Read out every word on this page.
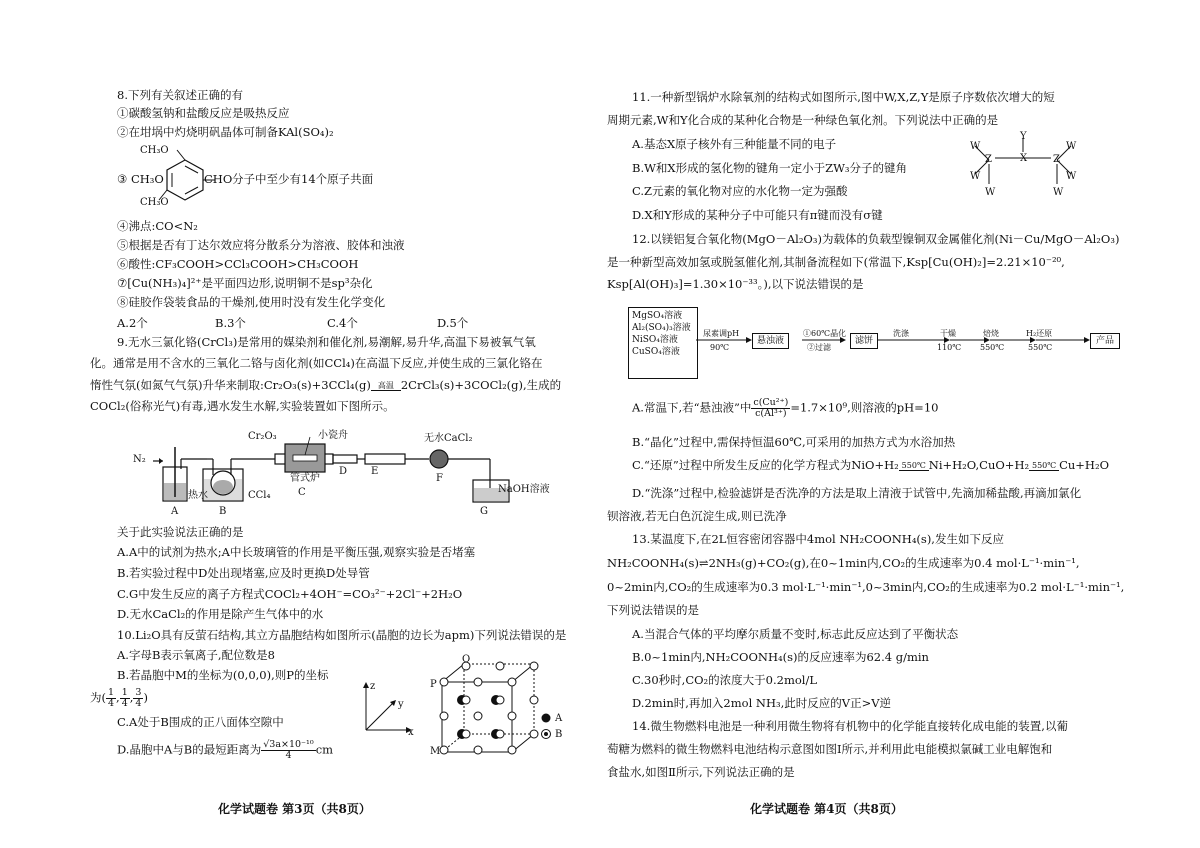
8.下列有关叙述正确的有
①碳酸氢钠和盐酸反应是吸热反应
②在坩埚中灼烧明矾晶体可制备KAl(SO₄)₂
CH₃O
③ CH₃O	CHO 分子中至少有14个原子共面
CH₃O
④沸点:CO<N₂
⑤根据是否有丁达尔效应将分散系分为溶液、胶体和浊液
⑥酸性:CF₃COOH>CCl₃COOH>CH₃COOH
⑦[Cu(NH₃)₄]²⁺是平面四边形,说明铜不是sp³杂化
⑧硅胶作袋装食品的干燥剂,使用时没有发生化学变化
A.2个	B.3个	C.4个	D.5个
9.无水三氯化铬(CrCl₃)是常用的媒染剂和催化剂,易潮解,易升华,高温下易被氧气氧
化。通常是用不含水的三氧化二铬与卤化剂(如CCl₄)在高温下反应,并使生成的三氯化铬在
惰性气氛(如氮气气氛)升华来制取:Cr₂O₃(s)+3CCl₄(g) 高温 2CrCl₃(s)+3COCl₂(g),生成的
COCl₂(俗称光气)有毒,遇水发生水解,实验装置如下图所示。
N₂
Cr₂O₃	小瓷舟	无水CaCl₂
热水	CCl₄
管式炉
NaOH溶液
A	B
C
D E
F
G
关于此实验说法正确的是
A.A中的试剂为热水;A中长玻璃管的作用是平衡压强,观察实验是否堵塞
B.若实验过程中D处出现堵塞,应及时更换D处导管
C.G中发生反应的离子方程式COCl₂+4OH⁻=CO₃²⁻+2Cl⁻+2H₂O
D.无水CaCl₂的作用是除产生气体中的水
10.Li₂O具有反萤石结构,其立方晶胞结构如图所示(晶胞的边长为apm)下列说法错误的是
A.字母B表示氧离子,配位数是8
B.若晶胞中M的坐标为(0,0,0),则P的坐标
为( $\frac{1}{4}$ , $\frac{1}{4}$ , $\frac{3}{4}$ )
C.A处于B围成的正八面体空隙中
D.晶胞中A与B的最短距离为 $\frac{\text{√3a×10⁻¹⁰}}{4}$ cm
z
y
x
O
P
M
A
B
化学试题卷 第3页（共8页）
11.一种新型锅炉水除氧剂的结构式如图所示,图中W,X,Z,Y是原子序数依次增大的短
周期元素,W和Y化合成的某种化合物是一种绿色氧化剂。下列说法中正确的是
A.基态X原子核外有三种能量不同的电子
B.W和X形成的氢化物的键角一定小于ZW₃分子的键角
C.Z元素的氧化物对应的水化物一定为强酸
D.X和Y形成的某种分子中可能只有π键而没有σ键
Y
X
Z	Z
W
W
W
W
W
W
12.以镁铝复合氧化物(MgO－Al₂O₃)为载体的负载型镍铜双金属催化剂(Ni－Cu/MgO－Al₂O₃)
是一种新型高效加氢或脱氢催化剂,其制备流程如下(常温下,Ksp[Cu(OH)₂]=2.21×10⁻²⁰,
Ksp[Al(OH)₃]=1.30×10⁻³³。),以下说法错误的是
MgSO₄溶液
Al₂(SO₄)₃溶液
NiSO₄溶液
CuSO₄溶液
尿素调pH
90℃
悬浊液
①60℃晶化
②过滤
滤饼
洗涤	干燥
110℃
焙烧
550℃
H₂还原
550℃
产品
A.常温下,若“悬浊液”中 $\frac{\text{c(Cu²⁺)}}{\text{c(Al³⁺)}} =1.7\times 10^9$,则溶液的pH=10
B.“晶化”过程中,需保持恒温60℃,可采用的加热方式为水浴加热
C.“还原”过程中所发生反应的化学方程式为NiO+H₂ 550℃ Ni+H₂O,CuO+H₂ 550℃ Cu+H₂O
D.“洗涤”过程中,检验滤饼是否洗净的方法是取上清液于试管中,先滴加稀盐酸,再滴加氯化
钡溶液,若无白色沉淀生成,则已洗净
13.某温度下,在2L恒容密闭容器中4mol NH₂COONH₄(s),发生如下反应
NH₂COONH₄(s)⇌2NH₃(g)+CO₂(g),在0~1min内,CO₂的生成速率为0.4 mol·L⁻¹·min⁻¹,
0~2min内,CO₂的生成速率为0.3 mol·L⁻¹·min⁻¹,0~3min内,CO₂的生成速率为0.2 mol·L⁻¹·min⁻¹,
下列说法错误的是
A.当混合气体的平均摩尔质量不变时,标志此反应达到了平衡状态
B.0~1min内,NH₂COONH₄(s)的反应速率为62.4 g/min
C.30秒时,CO₂的浓度大于0.2mol/L
D.2min时,再加入2mol NH₃,此时反应的V正>V逆
14.微生物燃料电池是一种利用微生物将有机物中的化学能直接转化成电能的装置,以葡
萄糖为燃料的微生物燃料电池结构示意图如图Ⅰ所示,并利用此电能模拟氯碱工业电解饱和
食盐水,如图Ⅱ所示,下列说法正确的是
化学试题卷 第4页（共8页）
